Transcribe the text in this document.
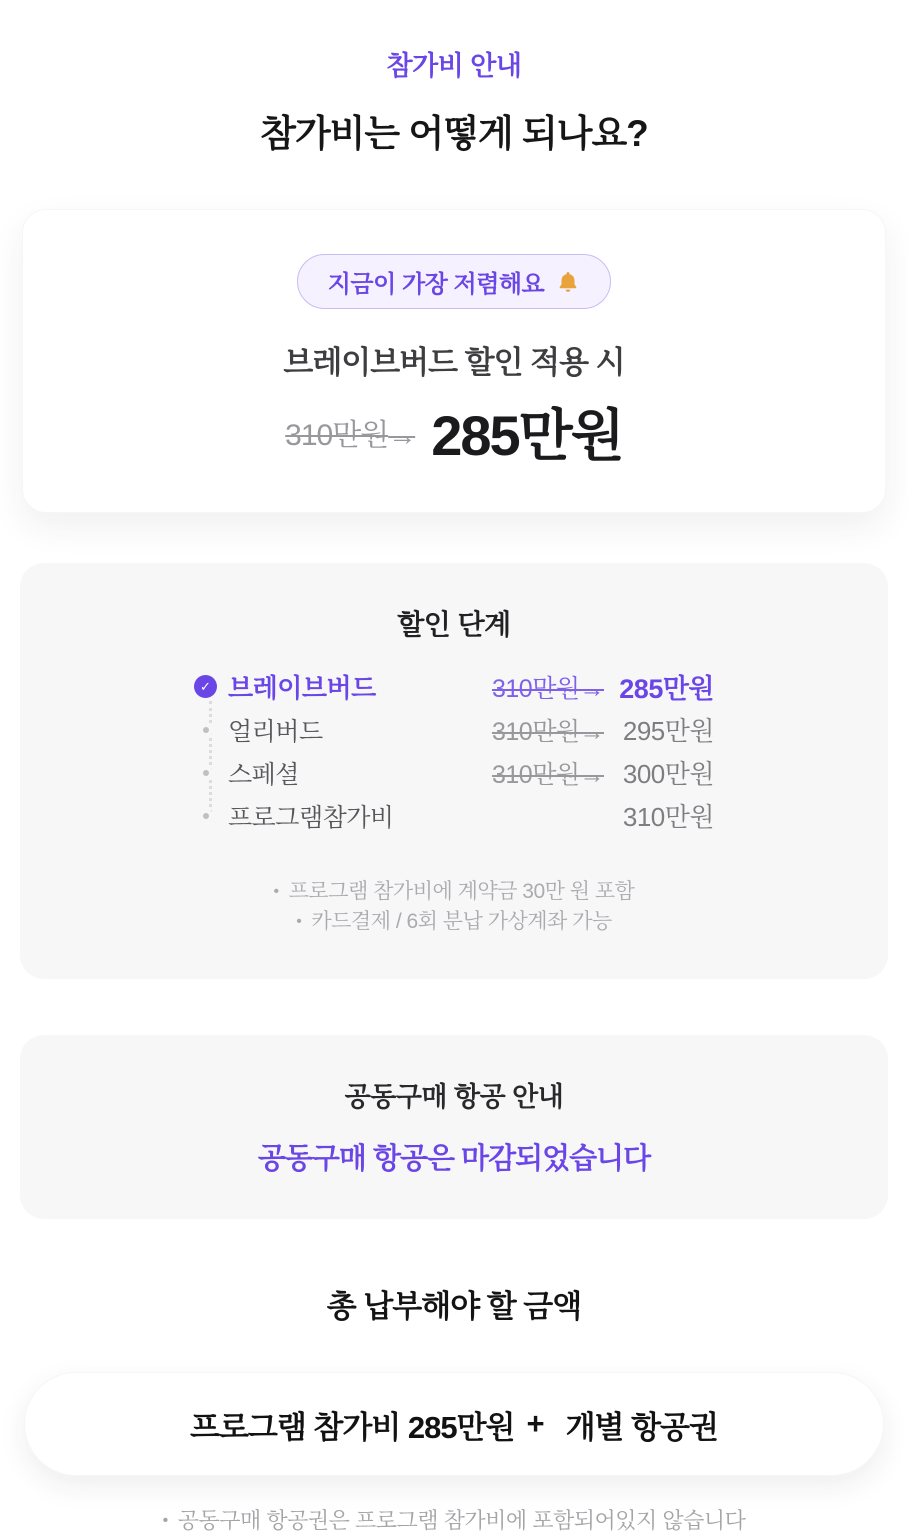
참가비 안내
참가비는 어떻게 되나요?
지금이 가장 저렴해요
브레이브버드 할인 적용 시
310만원→ 285만원
할인 단계
✓ 브레이브버드	310만원→ 285만원
얼리버드	310만원→ 295만원
스페셜	310만원→ 300만원
프로그램참가비	310만원
• 프로그램 참가비에 계약금 30만 원 포함
• 카드결제 / 6회 분납 가상계좌 가능
공동구매 항공 안내
공동구매 항공은 마감되었습니다
총 납부해야 할 금액
프로그램 참가비 285만원 + 개별 항공권
• 공동구매 항공권은 프로그램 참가비에 포함되어있지 않습니다
